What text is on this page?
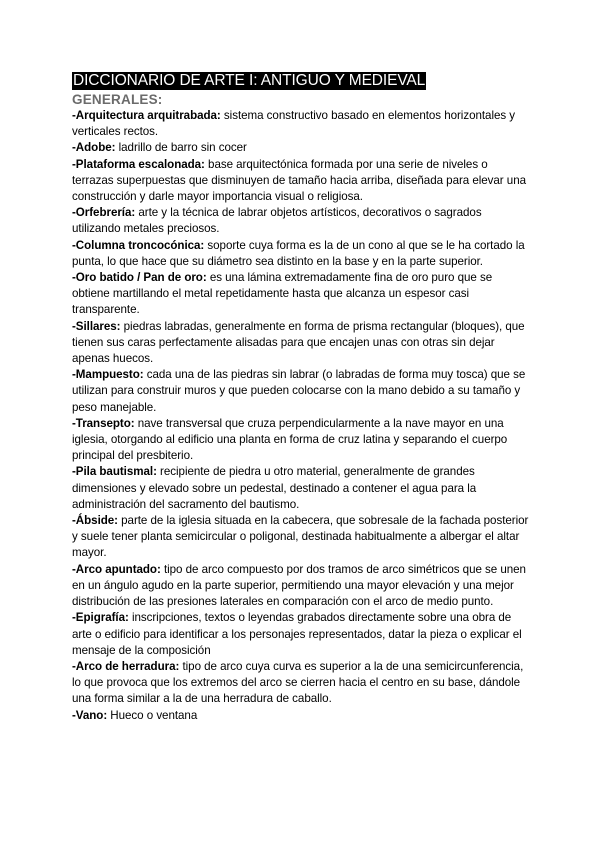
DICCIONARIO DE ARTE I: ANTIGUO Y MEDIEVAL
GENERALES:
-Arquitectura arquitrabada: sistema constructivo basado en elementos horizontales y verticales rectos.
-Adobe: ladrillo de barro sin cocer
-Plataforma escalonada: base arquitectónica formada por una serie de niveles o terrazas superpuestas que disminuyen de tamaño hacia arriba, diseñada para elevar una construcción y darle mayor importancia visual o religiosa.
-Orfebrería: arte y la técnica de labrar objetos artísticos, decorativos o sagrados utilizando metales preciosos.
-Columna troncocónica: soporte cuya forma es la de un cono al que se le ha cortado la punta, lo que hace que su diámetro sea distinto en la base y en la parte superior.
-Oro batido / Pan de oro: es una lámina extremadamente fina de oro puro que se obtiene martillando el metal repetidamente hasta que alcanza un espesor casi transparente.
-Sillares: piedras labradas, generalmente en forma de prisma rectangular (bloques), que tienen sus caras perfectamente alisadas para que encajen unas con otras sin dejar apenas huecos.
-Mampuesto: cada una de las piedras sin labrar (o labradas de forma muy tosca) que se utilizan para construir muros y que pueden colocarse con la mano debido a su tamaño y peso manejable.
-Transepto: nave transversal que cruza perpendicularmente a la nave mayor en una iglesia, otorgando al edificio una planta en forma de cruz latina y separando el cuerpo principal del presbiterio.
-Pila bautismal: recipiente de piedra u otro material, generalmente de grandes dimensiones y elevado sobre un pedestal, destinado a contener el agua para la administración del sacramento del bautismo.
-Ábside: parte de la iglesia situada en la cabecera, que sobresale de la fachada posterior y suele tener planta semicircular o poligonal, destinada habitualmente a albergar el altar mayor.
-Arco apuntado: tipo de arco compuesto por dos tramos de arco simétricos que se unen en un ángulo agudo en la parte superior, permitiendo una mayor elevación y una mejor distribución de las presiones laterales en comparación con el arco de medio punto.
-Epigrafía: inscripciones, textos o leyendas grabados directamente sobre una obra de arte o edificio para identificar a los personajes representados, datar la pieza o explicar el mensaje de la composición
-Arco de herradura: tipo de arco cuya curva es superior a la de una semicircunferencia, lo que provoca que los extremos del arco se cierren hacia el centro en su base, dándole una forma similar a la de una herradura de caballo.
-Vano: Hueco o ventana
